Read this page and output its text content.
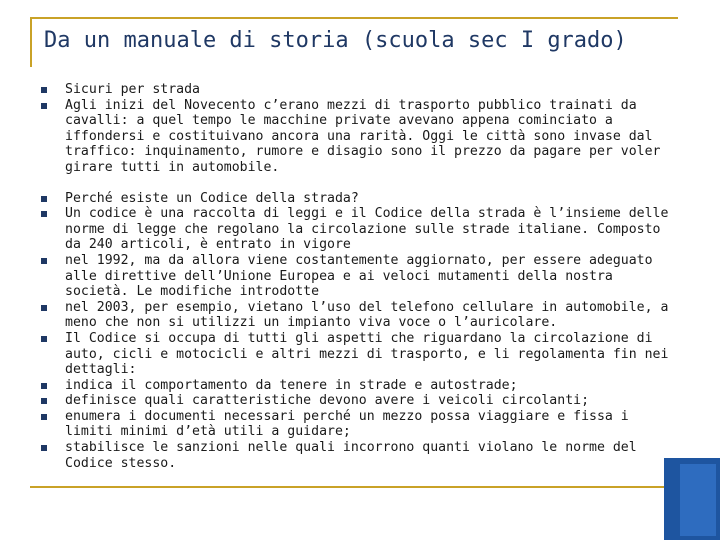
Da un manuale di storia (scuola sec I grado)
Sicuri per strada
Agli inizi del Novecento c’erano mezzi di trasporto pubblico trainati da cavalli: a quel tempo le macchine private avevano appena cominciato a iffondersi e costituivano ancora una rarità. Oggi le città sono invase dal traffico: inquinamento, rumore e disagio sono il prezzo da pagare per voler girare tutti in automobile.
Perché esiste un Codice della strada?
Un codice è una raccolta di leggi e il Codice della strada è l’insieme delle norme di legge che regolano la circolazione sulle strade italiane. Composto da 240 articoli, è entrato in vigore
nel 1992, ma da allora viene costantemente aggiornato, per essere adeguato alle direttive dell’Unione Europea e ai veloci mutamenti della nostra società. Le modifiche introdotte
nel 2003, per esempio, vietano l’uso del telefono cellulare in automobile, a meno che non si utilizzi un impianto viva voce o l’auricolare.
Il Codice si occupa di tutti gli aspetti che riguardano la circolazione di auto, cicli e motocicli e altri mezzi di trasporto, e li regolamenta fin nei dettagli:
indica il comportamento da tenere in strade e autostrade;
definisce quali caratteristiche devono avere i veicoli circolanti;
enumera i documenti necessari perché un mezzo possa viaggiare e fissa i limiti minimi d’età utili a guidare;
stabilisce le sanzioni nelle quali incorrono quanti violano le norme del Codice stesso.
